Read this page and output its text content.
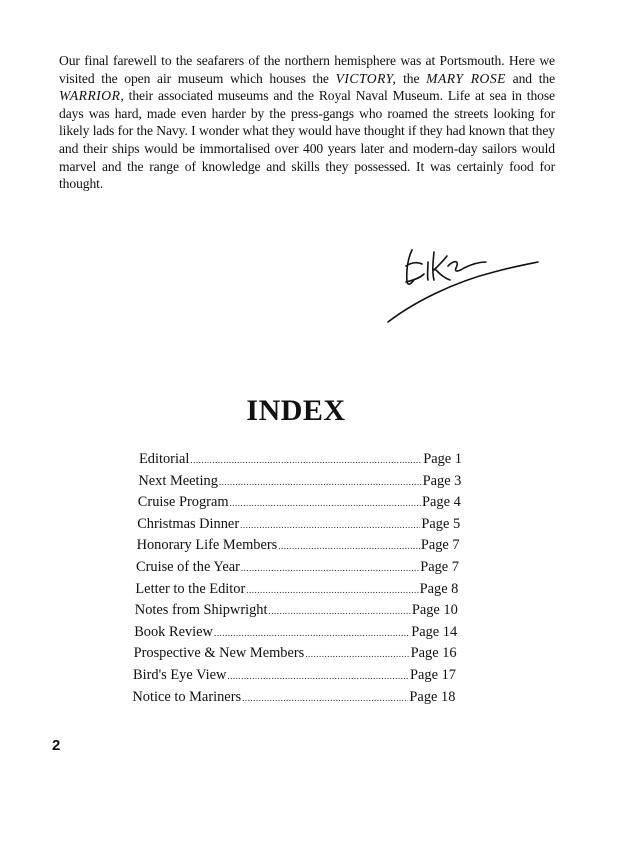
Our final farewell to the seafarers of the northern hemisphere was at Portsmouth. Here we visited the open air museum which houses the VICTORY, the MARY ROSE and the WARRIOR, their associated museums and the Royal Naval Museum. Life at sea in those days was hard, made even harder by the press-gangs who roamed the streets looking for likely lads for the Navy. I wonder what they would have thought if they had known that they and their ships would be immortalised over 400 years later and modern-day sailors would marvel and the range of knowledge and skills they possessed. It was certainly food for thought.
INDEX
Editorial .....	Page 1
Next Meeting .....	Page 3
Cruise Program .....	Page 4
Christmas Dinner .....	Page 5
Honorary Life Members .....	Page 7
Cruise of the Year .....	Page 7
Letter to the Editor .....	Page 8
Notes from Shipwright .....	Page 10
Book Review .....	Page 14
Prospective & New Members .....	Page 16
Bird's Eye View .....	Page 17
Notice to Mariners .....	Page 18
2
